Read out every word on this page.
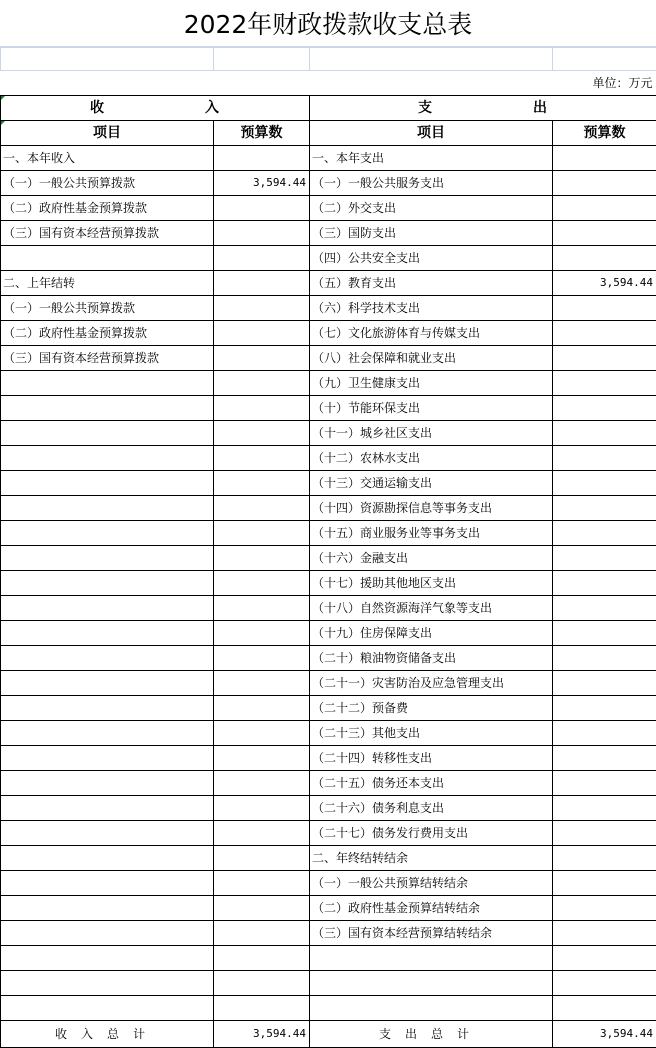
2022年财政拨款收支总表

			单位：万元
收 入		支 出	
项目	预算数	项目	预算数
一、本年收入		一、本年支出	
（一）一般公共预算拨款	3,594.44	（一）一般公共服务支出	
（二）政府性基金预算拨款		（二）外交支出	
（三）国有资本经营预算拨款		（三）国防支出	
		（四）公共安全支出	
二、上年结转		（五）教育支出	3,594.44
（一）一般公共预算拨款		（六）科学技术支出	
（二）政府性基金预算拨款		（七）文化旅游体育与传媒支出	
（三）国有资本经营预算拨款		（八）社会保障和就业支出	
		（九）卫生健康支出	
		（十）节能环保支出	
		（十一）城乡社区支出	
		（十二）农林水支出	
		（十三）交通运输支出	
		（十四）资源勘探信息等事务支出	
		（十五）商业服务业等事务支出	
		（十六）金融支出	
		（十七）援助其他地区支出	
		（十八）自然资源海洋气象等支出	
		（十九）住房保障支出	
		（二十）粮油物资储备支出	
		（二十一）灾害防治及应急管理支出	
		（二十二）预备费	
		（二十三）其他支出	
		（二十四）转移性支出	
		（二十五）债务还本支出	
		（二十六）债务利息支出	
		（二十七）债务发行费用支出	
		二、年终结转结余	
		（一）一般公共预算结转结余	
		（二）政府性基金预算结转结余	
		（三）国有资本经营预算结转结余	

收入总计	3,594.44	支出总计	3,594.44
